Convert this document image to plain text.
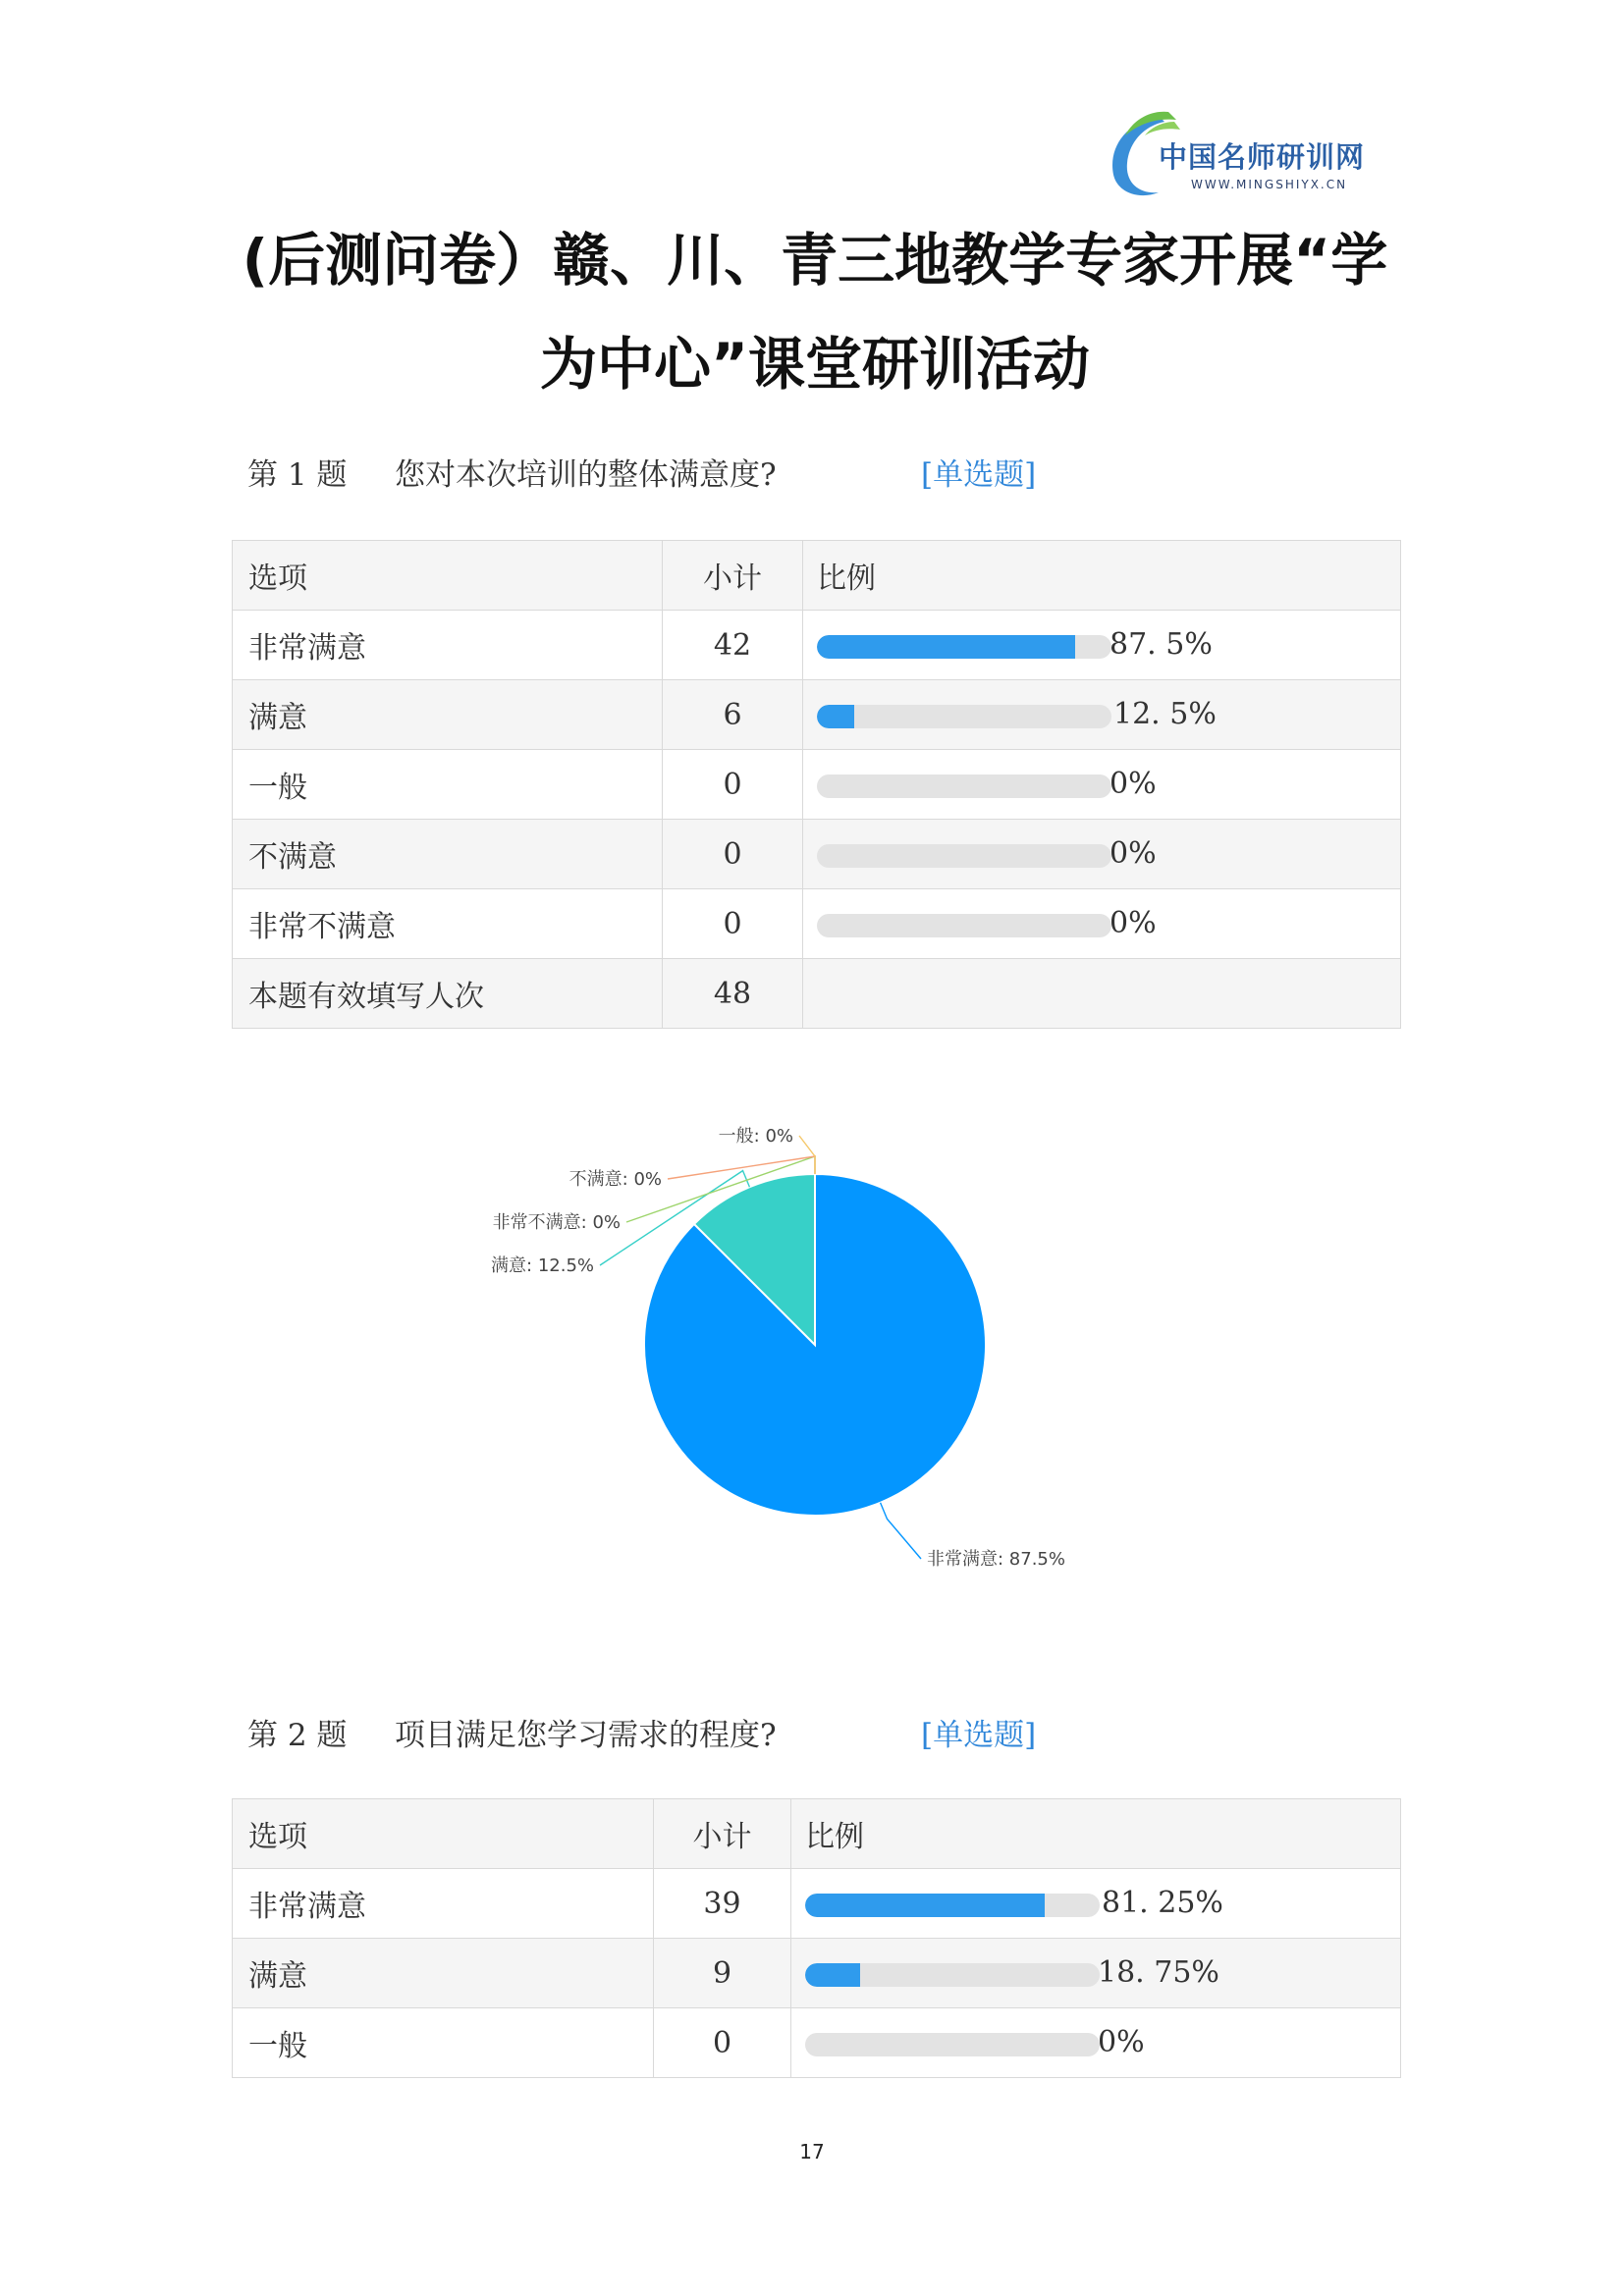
中国名师研训网
WWW.MINGSHIYX.CN
(后测问卷）赣、川、青三地教学专家开展“学
为中心”课堂研训活动
第 1 题 您对本次培训的整体满意度?	[单选题]
选项	小计	比例
非常满意	42	87. 5%

满意	6	12. 5%

一般	0	0%

不满意	0	0%

非常不满意	0	0%

本题有效填写人次	48	
非常满意: 87.5%
满意: 12.5%
非常不满意: 0%
不满意: 0%
一般: 0%
第 2 题 项目满足您学习需求的程度?	[单选题]
选项	小计	比例
非常满意	39	81. 25%

满意	9	18. 75%

一般	0	0%
17
